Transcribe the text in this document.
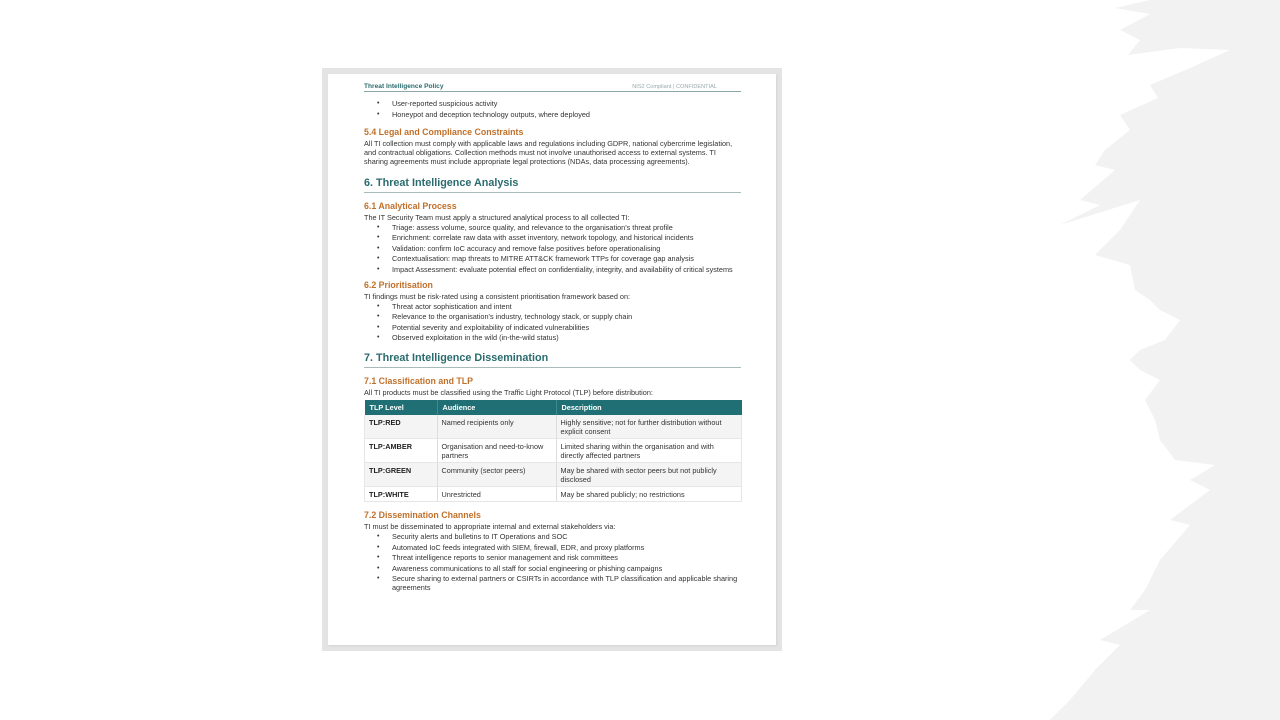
Threat Intelligence Policy	NIS2 Compliant | CONFIDENTIAL
• User-reported suspicious activity
• Honeypot and deception technology outputs, where deployed
5.4 Legal and Compliance Constraints

All TI collection must comply with applicable laws and regulations including GDPR, national cybercrime legislation, and contractual obligations. Collection methods must not involve unauthorised access to external systems. TI sharing agreements must include appropriate legal protections (NDAs, data processing agreements).

6. Threat Intelligence Analysis
6.1 Analytical Process

The IT Security Team must apply a structured analytical process to all collected TI:

• Triage: assess volume, source quality, and relevance to the organisation's threat profile
• Enrichment: correlate raw data with asset inventory, network topology, and historical incidents
• Validation: confirm IoC accuracy and remove false positives before operationalising
• Contextualisation: map threats to MITRE ATT&CK framework TTPs for coverage gap analysis
• Impact Assessment: evaluate potential effect on confidentiality, integrity, and availability of critical systems
6.2 Prioritisation

TI findings must be risk-rated using a consistent prioritisation framework based on:

• Threat actor sophistication and intent
• Relevance to the organisation's industry, technology stack, or supply chain
• Potential severity and exploitability of indicated vulnerabilities
• Observed exploitation in the wild (in-the-wild status)
7. Threat Intelligence Dissemination
7.1 Classification and TLP

All TI products must be classified using the Traffic Light Protocol (TLP) before distribution:

TLP Level	Audience	Description
TLP:RED	Named recipients only	Highly sensitive; not for further distribution without explicit consent
TLP:AMBER	Organisation and need-to-know partners	Limited sharing within the organisation and with directly affected partners
TLP:GREEN	Community (sector peers)	May be shared with sector peers but not publicly disclosed
TLP:WHITE	Unrestricted	May be shared publicly; no restrictions
7.2 Dissemination Channels

TI must be disseminated to appropriate internal and external stakeholders via:

• Security alerts and bulletins to IT Operations and SOC
• Automated IoC feeds integrated with SIEM, firewall, EDR, and proxy platforms
• Threat intelligence reports to senior management and risk committees
• Awareness communications to all staff for social engineering or phishing campaigns
• Secure sharing to external partners or CSIRTs in accordance with TLP classification and applicable sharing agreements
